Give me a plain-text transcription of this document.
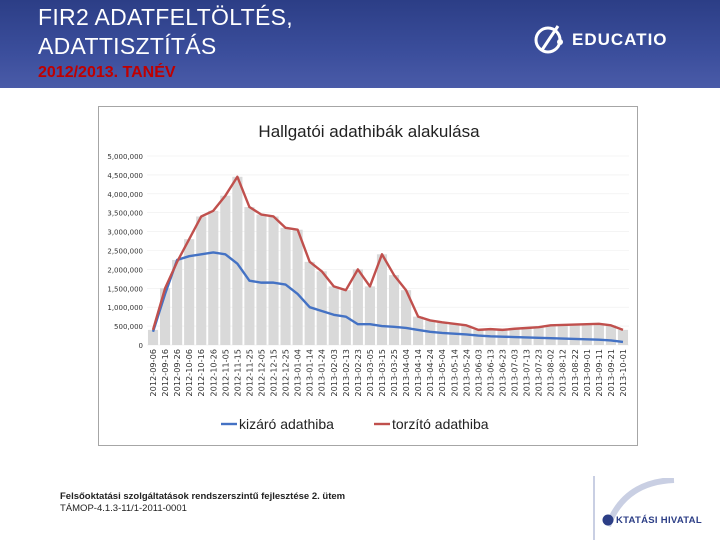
FIR2 ADATFELTÖLTÉS,
ADATTISZTÍTÁS
2012/2013. TANÉV
EDUCATIO
Hallgatói adathibák alakulása
5,000,000
4,500,000
4,000,000
3,500,000
3,000,000
2,500,000
2,000,000
1,500,000
1,000,000
500,000
0
2012-09-06 2012-09-16 2012-09-26 2012-10-06 2012-10-16 2012-10-26 2012-11-05 2012-11-15 2012-11-25 2012-12-05 2012-12-15 2012-12-25 2013-01-04 2013-01-14 2013-01-24 2013-02-03 2013-02-13 2013-02-23 2013-03-05 2013-03-15 2013-03-25 2013-04-04 2013-04-14 2013-04-24 2013-05-04 2013-05-14 2013-05-24 2013-06-03 2013-06-13 2013-06-23 2013-07-03 2013-07-13 2013-07-23 2013-08-02 2013-08-12 2013-08-22 2013-09-01 2013-09-11 2013-09-21 2013-10-01
kizáró adathiba	torzító adathiba
Felsőoktatási szolgáltatások rendszerszintű fejlesztése 2. ütem
TÁMOP-4.1.3-11/1-2011-0001
KTATÁSI HIVATAL
